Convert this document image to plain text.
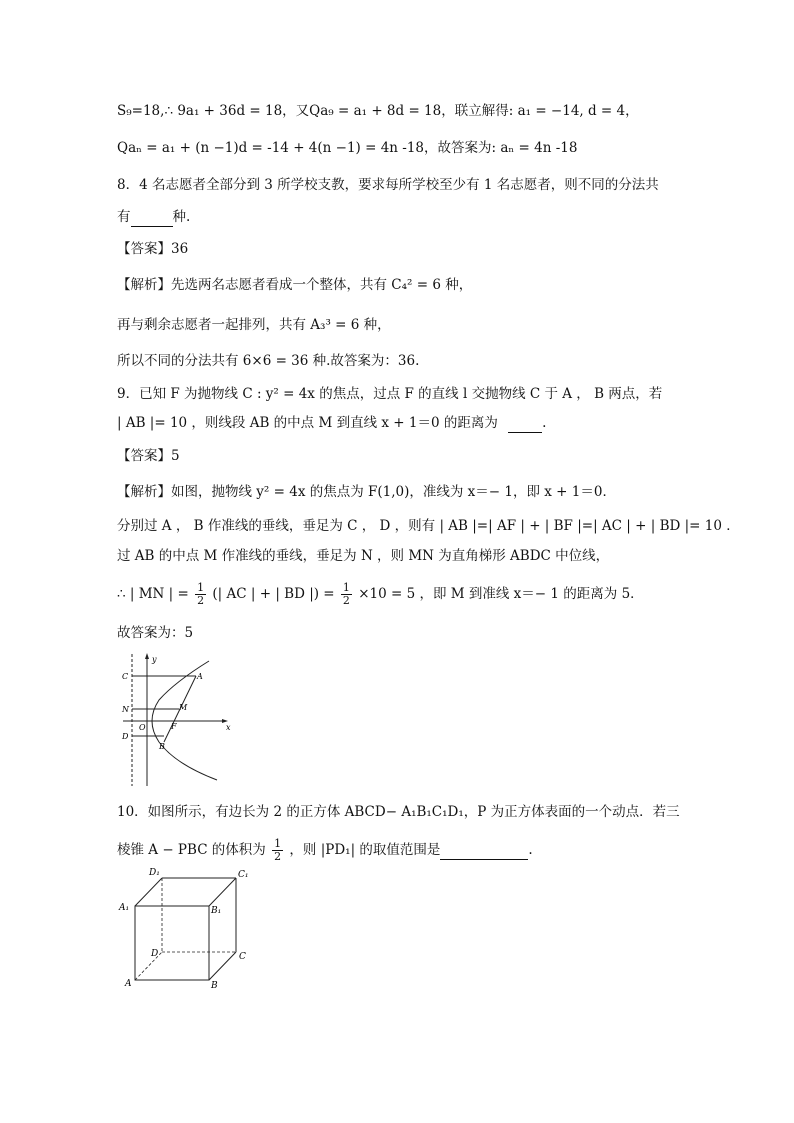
S₉=18,∴ 9a₁ + 36d = 18，又Qa₉ = a₁ + 8d = 18，联立解得: a₁ = −14, d = 4，
Qaₙ = a₁ + (n −1)d = -14 + 4(n −1) = 4n -18，故答案为: aₙ = 4n -18
8．4 名志愿者全部分到 3 所学校支教，要求每所学校至少有 1 名志愿者，则不同的分法共
有	种.
【答案】36
【解析】先选两名志愿者看成一个整体，共有 C₄² = 6 种，
再与剩余志愿者一起排列，共有 A₃³ = 6 种，
所以不同的分法共有 6×6 = 36 种.故答案为：36.
9．已知 F 为抛物线 C : y² = 4x 的焦点，过点 F 的直线 l 交抛物线 C 于 A ， B 两点，若
| AB |= 10 ，则线段 AB 的中点 M 到直线 x + 1＝0 的距离为	.
【答案】5
【解析】如图，抛物线 y² = 4x 的焦点为 F(1,0)，准线为 x＝− 1，即 x + 1＝0．
分别过 A ， B 作准线的垂线，垂足为 C ， D ，则有 | AB |=| AF | + | BF |=| AC | + | BD |= 10 ．
过 AB 的中点 M 作准线的垂线，垂足为 N ，则 MN 为直角梯形 ABDC 中位线，
∴ | MN | = $\frac{1}{2}$ (| AC | + | BD |) = $\frac{1}{2} \times 10 = 5$ ，即 M 到准线 x＝− 1 的距离为 5．
故答案为：5
y
x
C	A
N	M
O	F
D
B
10．如图所示，有边长为 2 的正方体 ABCD− A₁B₁C₁D₁，P 为正方体表面的一个动点．若三
棱锥 A − PBC 的体积为 $\frac{1}{2}$ ，则 |PD₁| 的取值范围是	.
D₁	C₁
A₁	B₁
D	C
A	B
